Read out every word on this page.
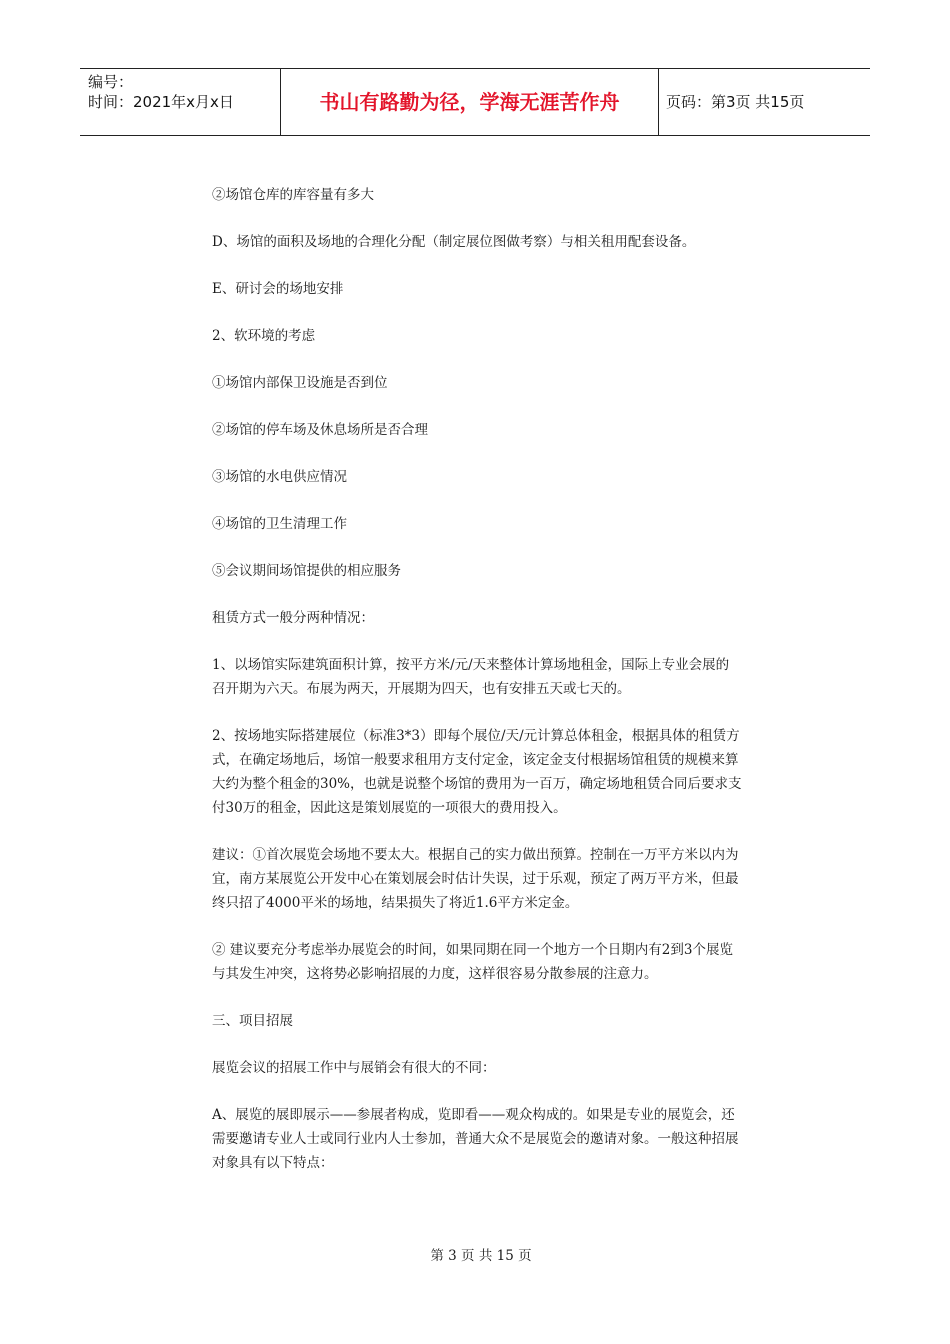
编号：
时间：2021年x月x日	书山有路勤为径，学海无涯苦作舟	页码：第3页 共15页

②场馆仓库的库容量有多大

D、场馆的面积及场地的合理化分配（制定展位图做考察）与相关租用配套设备。

E、研讨会的场地安排

2、软环境的考虑

①场馆内部保卫设施是否到位

②场馆的停车场及休息场所是否合理

③场馆的水电供应情况

④场馆的卫生清理工作

⑤会议期间场馆提供的相应服务

租赁方式一般分两种情况：

1、以场馆实际建筑面积计算，按平方米/元/天来整体计算场地租金，国际上专业会展的召开期为六天。布展为两天，开展期为四天，也有安排五天或七天的。

2、按场地实际搭建展位（标准3*3）即每个展位/天/元计算总体租金，根据具体的租赁方式，在确定场地后，场馆一般要求租用方支付定金，该定金支付根据场馆租赁的规模来算大约为整个租金的30%，也就是说整个场馆的费用为一百万，确定场地租赁合同后要求支付30万的租金，因此这是策划展览的一项很大的费用投入。

建议：①首次展览会场地不要太大。根据自己的实力做出预算。控制在一万平方米以内为宜，南方某展览公开发中心在策划展会时估计失误，过于乐观，预定了两万平方米，但最终只招了4000平米的场地，结果损失了将近1.6平方米定金。

② 建议要充分考虑举办展览会的时间，如果同期在同一个地方一个日期内有2到3个展览与其发生冲突，这将势必影响招展的力度，这样很容易分散参展的注意力。

三、项目招展

展览会议的招展工作中与展销会有很大的不同：

A、展览的展即展示——参展者构成，览即看——观众构成的。如果是专业的展览会，还需要邀请专业人士或同行业内人士参加，普通大众不是展览会的邀请对象。一般这种招展对象具有以下特点：

第 3 页 共 15 页
